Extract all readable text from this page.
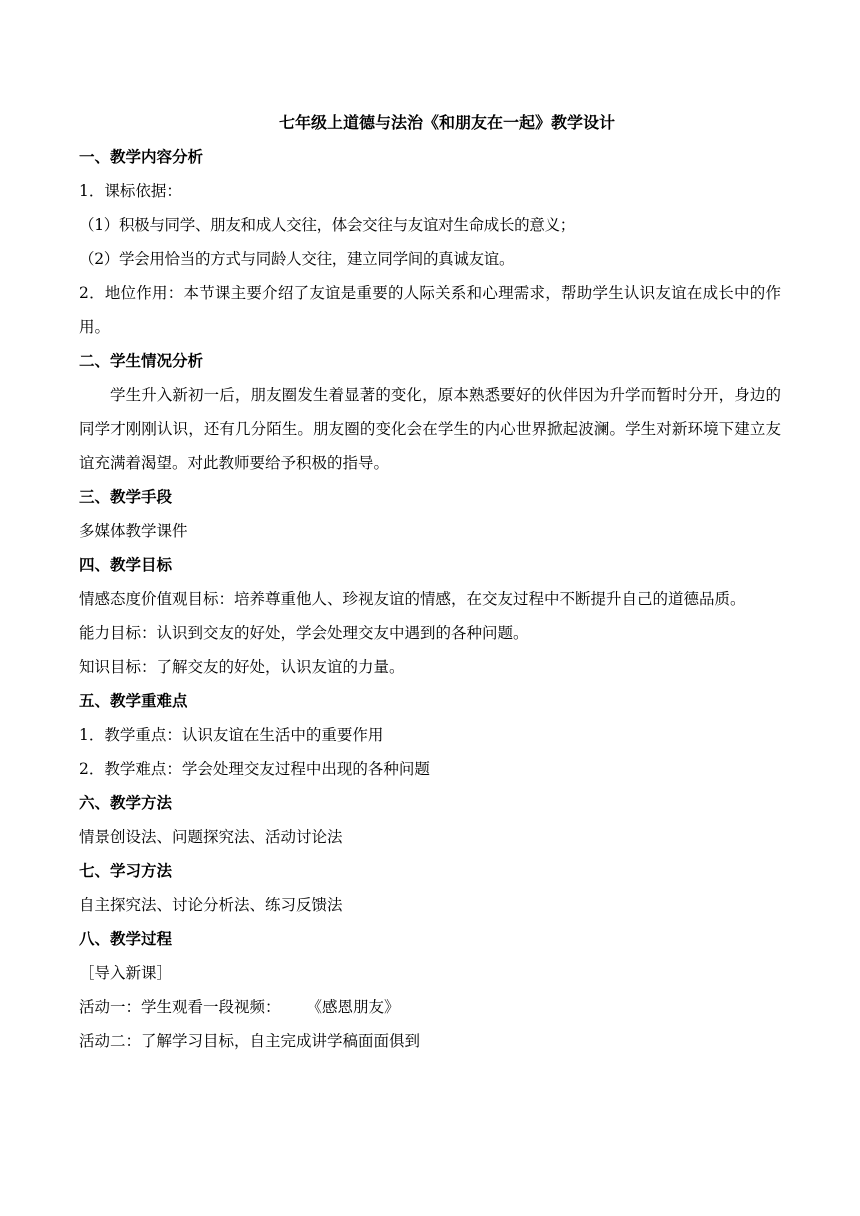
七年级上道德与法治《和朋友在一起》教学设计
一、教学内容分析
1．课标依据：
（1）积极与同学、朋友和成人交往，体会交往与友谊对生命成长的意义；
（2）学会用恰当的方式与同龄人交往，建立同学间的真诚友谊。

2．地位作用：本节课主要介绍了友谊是重要的人际关系和心理需求，帮助学生认识友谊在成长中的作用。

二、学生情况分析

学生升入新初一后，朋友圈发生着显著的变化，原本熟悉要好的伙伴因为升学而暂时分开，身边的同学才刚刚认识，还有几分陌生。朋友圈的变化会在学生的内心世界掀起波澜。学生对新环境下建立友谊充满着渴望。对此教师要给予积极的指导。

三、教学手段
多媒体教学课件
四、教学目标

情感态度价值观目标：培养尊重他人、珍视友谊的情感，在交友过程中不断提升自己的道德品质。

能力目标：认识到交友的好处，学会处理交友中遇到的各种问题。
知识目标：了解交友的好处，认识友谊的力量。
五、教学重难点
1．教学重点：认识友谊在生活中的重要作用
2．教学难点：学会处理交友过程中出现的各种问题
六、教学方法
情景创设法、问题探究法、活动讨论法
七、学习方法
自主探究法、讨论分析法、练习反馈法
八、教学过程
［导入新课］
活动一：学生观看一段视频： 《感恩朋友》
活动二：了解学习目标，自主完成讲学稿面面俱到
